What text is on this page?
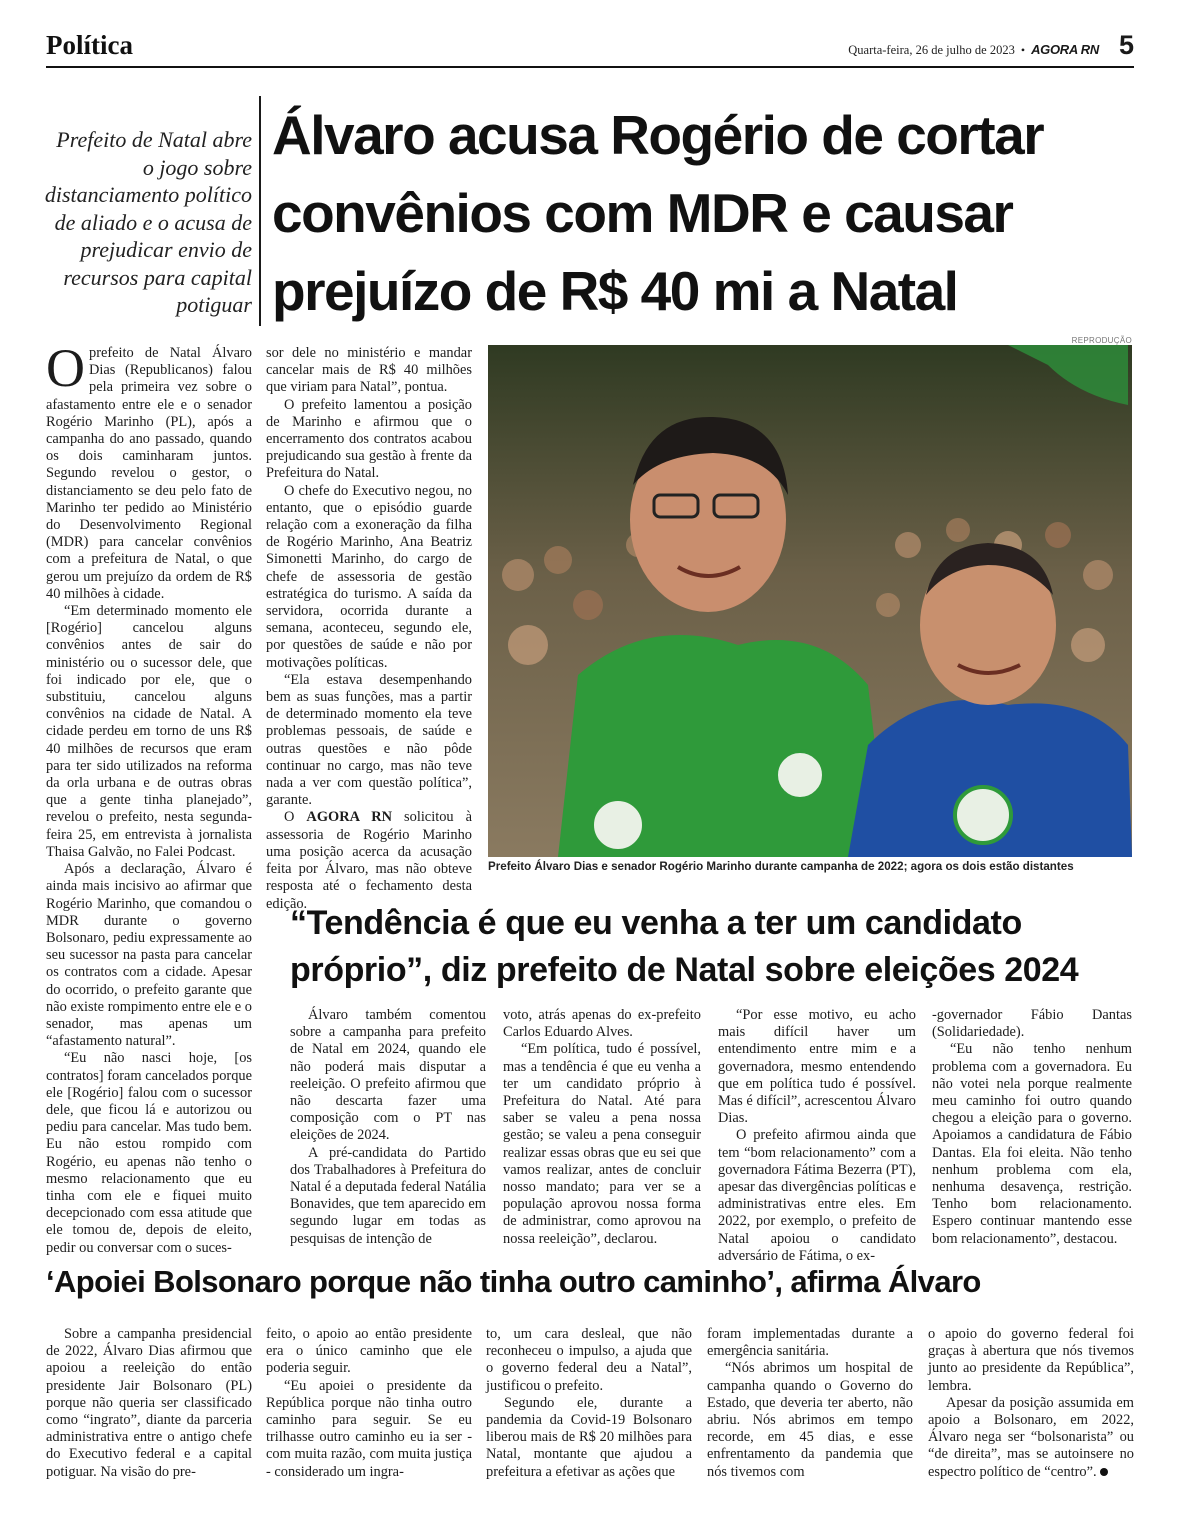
Política	Quarta-feira, 26 de julho de 2023 • AGORA RN 5
Prefeito de Natal abre o jogo sobre distanciamento político de aliado e o acusa de prejudicar envio de recursos para capital potiguar
Álvaro acusa Rogério de cortar convênios com MDR e causar prejuízo de R$ 40 mi a Natal

Oprefeito de Natal Álvaro Dias (Republicanos) falou pela primeira vez sobre o afastamento entre ele e o senador Rogério Marinho (PL), após a campanha do ano passado, quando os dois caminharam juntos. Segundo revelou o gestor, o distanciamento se deu pelo fato de Marinho ter pedido ao Ministério do Desenvolvimento Regional (MDR) para cancelar convênios com a prefeitura de Natal, o que gerou um prejuízo da ordem de R$ 40 milhões à cidade.

“Em determinado momento ele [Rogério] cancelou alguns convênios antes de sair do ministério ou o sucessor dele, que foi indicado por ele, que o substituiu, cancelou alguns convênios na cidade de Natal. A cidade perdeu em torno de uns R$ 40 milhões de recursos que eram para ter sido utilizados na reforma da orla urbana e de outras obras que a gente tinha planejado”, revelou o prefeito, nesta segunda-feira 25, em entrevista à jornalista Thaisa Galvão, no Falei Podcast.

Após a declaração, Álvaro é ainda mais incisivo ao afirmar que Rogério Marinho, que comandou o MDR durante o governo Bolsonaro, pediu expressamente ao seu sucessor na pasta para cancelar os contratos com a cidade. Apesar do ocorrido, o prefeito garante que não existe rompimento entre ele e o senador, mas apenas um “afastamento natural”.

“Eu não nasci hoje, [os contratos] foram cancelados porque ele [Rogério] falou com o sucessor dele, que ficou lá e autorizou ou pediu para cancelar. Mas tudo bem. Eu não estou rompido com Rogério, eu apenas não tenho o mesmo relacionamento que eu tinha com ele e fiquei muito decepcionado com essa atitude que ele tomou de, depois de eleito, pedir ou conversar com o suces-

sor dele no ministério e mandar cancelar mais de R$ 40 milhões que viriam para Natal”, pontua.

O prefeito lamentou a posição de Marinho e afirmou que o encerramento dos contratos acabou prejudicando sua gestão à frente da Prefeitura do Natal.

O chefe do Executivo negou, no entanto, que o episódio guarde relação com a exoneração da filha de Rogério Marinho, Ana Beatriz Simonetti Marinho, do cargo de chefe de assessoria de gestão estratégica do turismo. A saída da servidora, ocorrida durante a semana, aconteceu, segundo ele, por questões de saúde e não por motivações políticas.

“Ela estava desempenhando bem as suas funções, mas a partir de determinado momento ela teve problemas pessoais, de saúde e outras questões e não pôde continuar no cargo, mas não teve nada a ver com questão política”, garante.

O AGORA RN solicitou à assessoria de Rogério Marinho uma posição acerca da acusação feita por Álvaro, mas não obteve resposta até o fechamento desta edição.

REPRODUÇÃO
Prefeito Álvaro Dias e senador Rogério Marinho durante campanha de 2022; agora os dois estão distantes
“Tendência é que eu venha a ter um candidato próprio”, diz prefeito de Natal sobre eleições 2024

Álvaro também comentou sobre a campanha para prefeito de Natal em 2024, quando ele não poderá mais disputar a reeleição. O prefeito afirmou que não descarta fazer uma composição com o PT nas eleições de 2024.

A pré-candidata do Partido dos Trabalhadores à Prefeitura do Natal é a deputada federal Natália Bonavides, que tem aparecido em segundo lugar em todas as pesquisas de intenção de

voto, atrás apenas do ex-prefeito Carlos Eduardo Alves.

“Em política, tudo é possível, mas a tendência é que eu venha a ter um candidato próprio à Prefeitura do Natal. Até para saber se valeu a pena nossa gestão; se valeu a pena conseguir realizar essas obras que eu sei que vamos realizar, antes de concluir nosso mandato; para ver se a população aprovou nossa forma de administrar, como aprovou na nossa reeleição”, declarou.

“Por esse motivo, eu acho mais difícil haver um entendimento entre mim e a governadora, mesmo entendendo que em política tudo é possível. Mas é difícil”, acrescentou Álvaro Dias.

O prefeito afirmou ainda que tem “bom relacionamento” com a governadora Fátima Bezerra (PT), apesar das divergências políticas e administrativas entre eles. Em 2022, por exemplo, o prefeito de Natal apoiou o candidato adversário de Fátima, o ex-

-governador Fábio Dantas (Solidariedade).

“Eu não tenho nenhum problema com a governadora. Eu não votei nela porque realmente meu caminho foi outro quando chegou a eleição para o governo. Apoiamos a candidatura de Fábio Dantas. Ela foi eleita. Não tenho nenhum problema com ela, nenhuma desavença, restrição. Tenho bom relacionamento. Espero continuar mantendo esse bom relacionamento”, destacou.

‘Apoiei Bolsonaro porque não tinha outro caminho’, afirma Álvaro

Sobre a campanha presidencial de 2022, Álvaro Dias afirmou que apoiou a reeleição do então presidente Jair Bolsonaro (PL) porque não queria ser classificado como “ingrato”, diante da parceria administrativa entre o antigo chefe do Executivo federal e a capital potiguar. Na visão do pre-

feito, o apoio ao então presidente era o único caminho que ele poderia seguir.

“Eu apoiei o presidente da República porque não tinha outro caminho para seguir. Se eu trilhasse outro caminho eu ia ser - com muita razão, com muita justiça - considerado um ingra-

to, um cara desleal, que não reconheceu o impulso, a ajuda que o governo federal deu a Natal”, justificou o prefeito.

Segundo ele, durante a pandemia da Covid-19 Bolsonaro liberou mais de R$ 20 milhões para Natal, montante que ajudou a prefeitura a efetivar as ações que

foram implementadas durante a emergência sanitária.

“Nós abrimos um hospital de campanha quando o Governo do Estado, que deveria ter aberto, não abriu. Nós abrimos em tempo recorde, em 45 dias, e esse enfrentamento da pandemia que nós tivemos com

o apoio do governo federal foi graças à abertura que nós tivemos junto ao presidente da República”, lembra.

Apesar da posição assumida em apoio a Bolsonaro, em 2022, Álvaro nega ser “bolsonarista” ou “de direita”, mas se autoinsere no espectro político de “centro”.
